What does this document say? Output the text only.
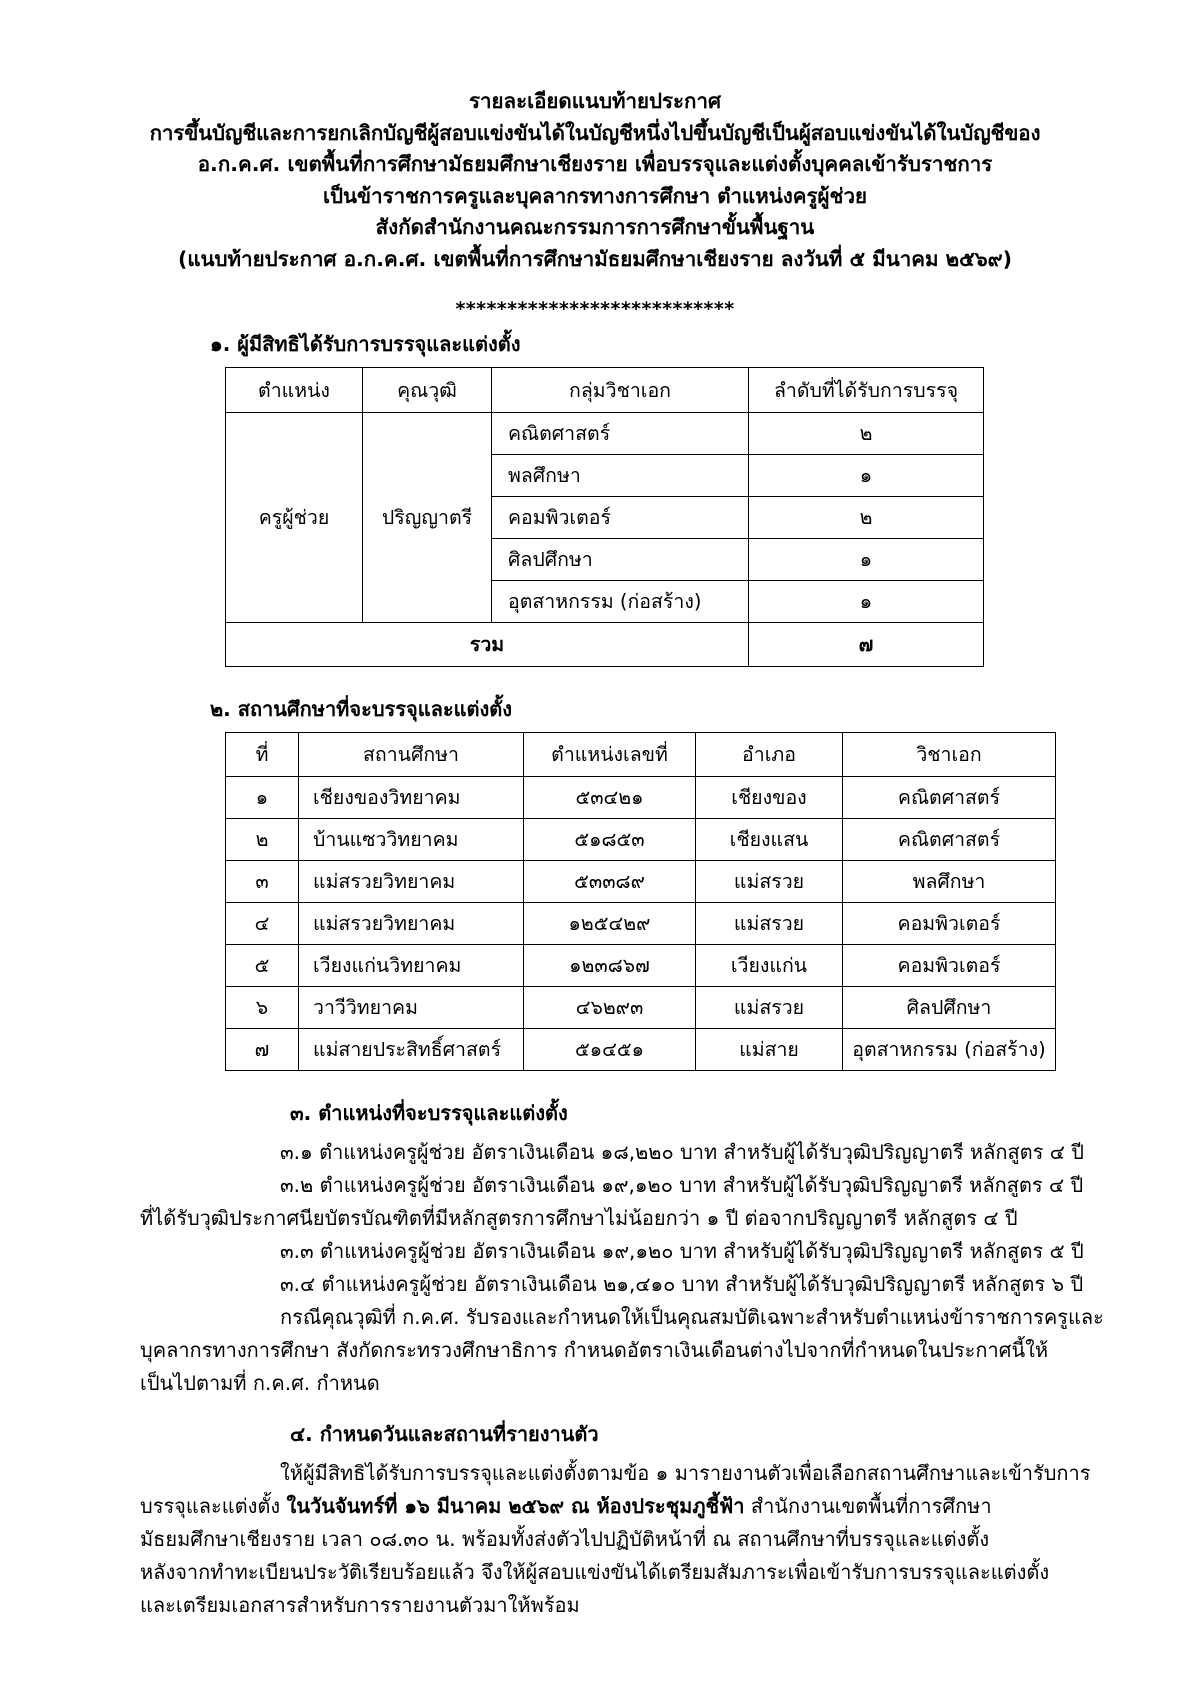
รายละเอียดแนบท้ายประกาศ
การขึ้นบัญชีและการยกเลิกบัญชีผู้สอบแข่งขันได้ในบัญชีหนึ่งไปขึ้นบัญชีเป็นผู้สอบแข่งขันได้ในบัญชีของ
อ.ก.ค.ศ. เขตพื้นที่การศึกษามัธยมศึกษาเชียงราย เพื่อบรรจุและแต่งตั้งบุคคลเข้ารับราชการ
เป็นข้าราชการครูและบุคลากรทางการศึกษา ตำแหน่งครูผู้ช่วย
สังกัดสำนักงานคณะกรรมการการศึกษาขั้นพื้นฐาน
(แนบท้ายประกาศ อ.ก.ค.ศ. เขตพื้นที่การศึกษามัธยมศึกษาเชียงราย ลงวันที่ ๕ มีนาคม ๒๕๖๙)
***************************
๑. ผู้มีสิทธิได้รับการบรรจุและแต่งตั้ง
ตำแหน่ง	คุณวุฒิ	กลุ่มวิชาเอก	ลำดับที่ได้รับการบรรจุ
ครูผู้ช่วย	ปริญญาตรี	คณิตศาสตร์	๒
		พลศึกษา	๑
		คอมพิวเตอร์	๒
		ศิลปศึกษา	๑
		อุตสาหกรรม (ก่อสร้าง)	๑
รวม			๗
๒. สถานศึกษาที่จะบรรจุและแต่งตั้ง
ที่	สถานศึกษา	ตำแหน่งเลขที่	อำเภอ	วิชาเอก
๑	เชียงของวิทยาคม	๕๓๔๒๑	เชียงของ	คณิตศาสตร์
๒	บ้านแซววิทยาคม	๕๑๘๕๓	เชียงแสน	คณิตศาสตร์
๓	แม่สรวยวิทยาคม	๕๓๓๘๙	แม่สรวย	พลศึกษา
๔	แม่สรวยวิทยาคม	๑๒๕๔๒๙	แม่สรวย	คอมพิวเตอร์
๕	เวียงแก่นวิทยาคม	๑๒๓๘๖๗	เวียงแก่น	คอมพิวเตอร์
๖	วาวีวิทยาคม	๔๖๒๙๓	แม่สรวย	ศิลปศึกษา
๗	แม่สายประสิทธิ์ศาสตร์	๕๑๔๕๑	แม่สาย	อุตสาหกรรม (ก่อสร้าง)
๓. ตำแหน่งที่จะบรรจุและแต่งตั้ง

๓.๑ ตำแหน่งครูผู้ช่วย อัตราเงินเดือน ๑๘,๒๒๐ บาท สำหรับผู้ได้รับวุฒิปริญญาตรี หลักสูตร ๔ ปี

๓.๒ ตำแหน่งครูผู้ช่วย อัตราเงินเดือน ๑๙,๑๒๐ บาท สำหรับผู้ได้รับวุฒิปริญญาตรี หลักสูตร ๔ ปี

ที่ได้รับวุฒิประกาศนียบัตรบัณฑิตที่มีหลักสูตรการศึกษาไม่น้อยกว่า ๑ ปี ต่อจากปริญญาตรี หลักสูตร ๔ ปี

๓.๓ ตำแหน่งครูผู้ช่วย อัตราเงินเดือน ๑๙,๑๒๐ บาท สำหรับผู้ได้รับวุฒิปริญญาตรี หลักสูตร ๕ ปี

๓.๔ ตำแหน่งครูผู้ช่วย อัตราเงินเดือน ๒๑,๔๑๐ บาท สำหรับผู้ได้รับวุฒิปริญญาตรี หลักสูตร ๖ ปี

กรณีคุณวุฒิที่ ก.ค.ศ. รับรองและกำหนดให้เป็นคุณสมบัติเฉพาะสำหรับตำแหน่งข้าราชการครูและ

บุคลากรทางการศึกษา สังกัดกระทรวงศึกษาธิการ กำหนดอัตราเงินเดือนต่างไปจากที่กำหนดในประกาศนี้ให้

เป็นไปตามที่ ก.ค.ศ. กำหนด

๔. กำหนดวันและสถานที่รายงานตัว

ให้ผู้มีสิทธิได้รับการบรรจุและแต่งตั้งตามข้อ ๑ มารายงานตัวเพื่อเลือกสถานศึกษาและเข้ารับการ

บรรจุและแต่งตั้ง ในวันจันทร์ที่ ๑๖ มีนาคม ๒๕๖๙ ณ ห้องประชุมภูชี้ฟ้า สำนักงานเขตพื้นที่การศึกษา

มัธยมศึกษาเชียงราย เวลา ๐๘.๓๐ น. พร้อมทั้งส่งตัวไปปฏิบัติหน้าที่ ณ สถานศึกษาที่บรรจุและแต่งตั้ง

หลังจากทำทะเบียนประวัติเรียบร้อยแล้ว จึงให้ผู้สอบแข่งขันได้เตรียมสัมภาระเพื่อเข้ารับการบรรจุและแต่งตั้ง

และเตรียมเอกสารสำหรับการรายงานตัวมาให้พร้อม
